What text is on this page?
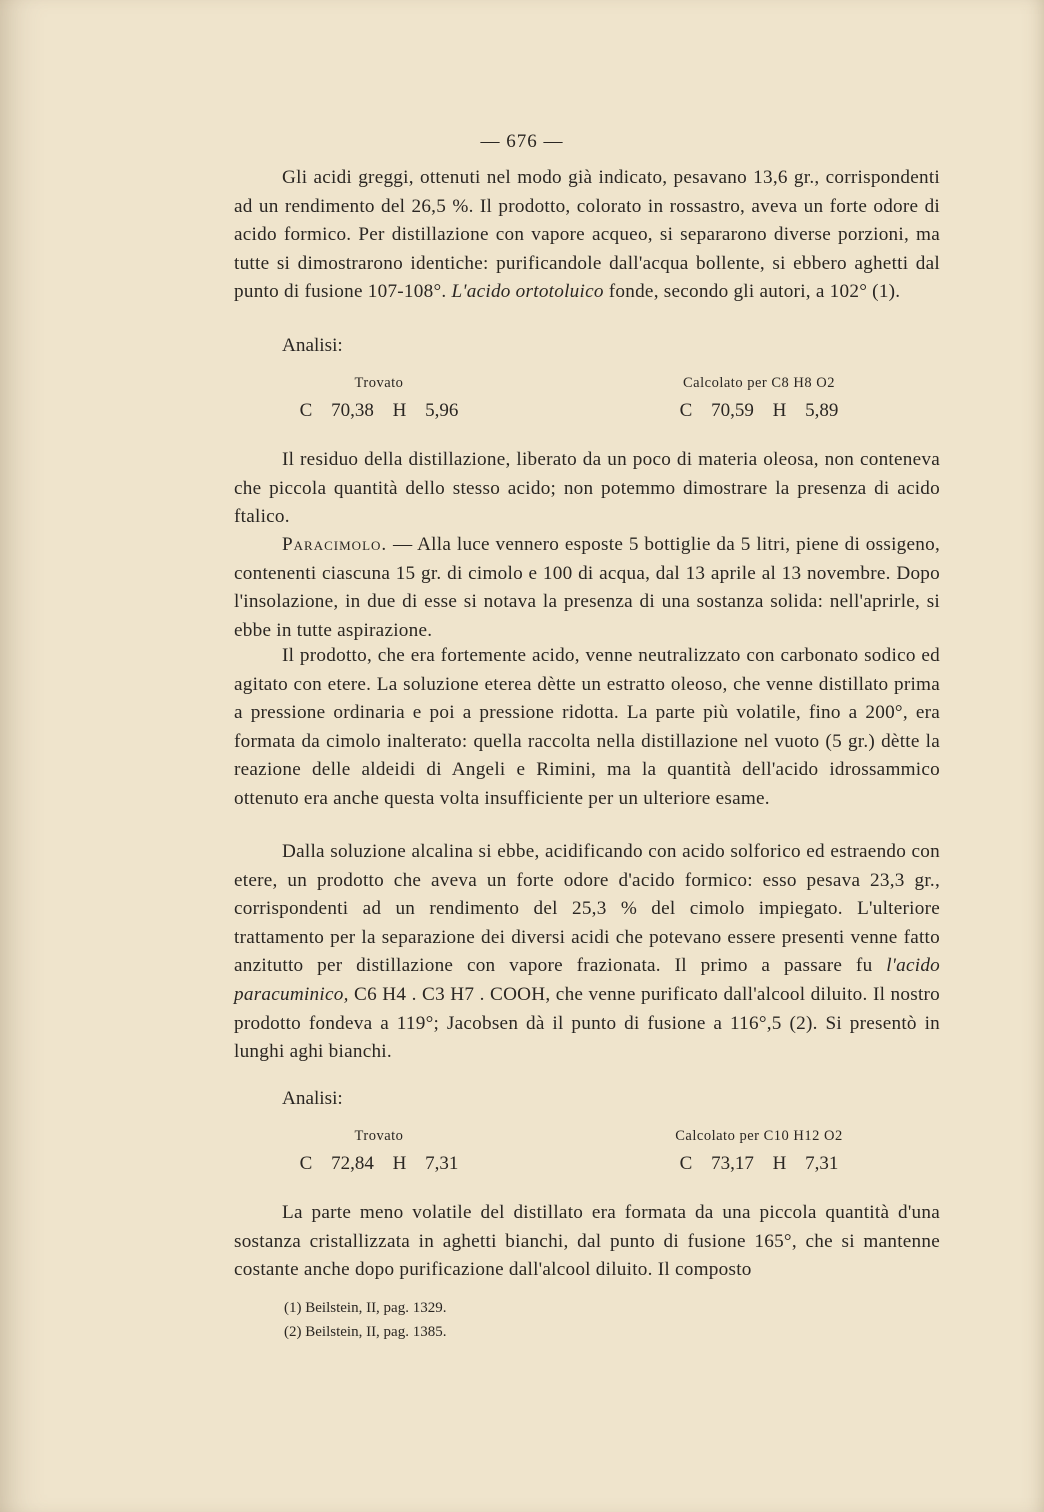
— 676 —

Gli acidi greggi, ottenuti nel modo già indicato, pesavano 13,6 gr., corrispondenti ad un rendimento del 26,5 %. Il prodotto, colorato in rossastro, aveva un forte odore di acido formico. Per distillazione con vapore acqueo, si separarono diverse porzioni, ma tutte si dimostrarono identiche: purificandole dall'acqua bollente, si ebbero aghetti dal punto di fusione 107-108°. L'acido ortotoluico fonde, secondo gli autori, a 102° (1).

Analisi:
Trovato
C 70,38 H 5,96
Calcolato per C8 H8 O2
C 70,59 H 5,89

Il residuo della distillazione, liberato da un poco di materia oleosa, non conteneva che piccola quantità dello stesso acido; non potemmo dimostrare la presenza di acido ftalico.

Paracimolo. — Alla luce vennero esposte 5 bottiglie da 5 litri, piene di ossigeno, contenenti ciascuna 15 gr. di cimolo e 100 di acqua, dal 13 aprile al 13 novembre. Dopo l'insolazione, in due di esse si notava la presenza di una sostanza solida: nell'aprirle, si ebbe in tutte aspirazione.

Il prodotto, che era fortemente acido, venne neutralizzato con carbonato sodico ed agitato con etere. La soluzione eterea dètte un estratto oleoso, che venne distillato prima a pressione ordinaria e poi a pressione ridotta. La parte più volatile, fino a 200°, era formata da cimolo inalterato: quella raccolta nella distillazione nel vuoto (5 gr.) dètte la reazione delle aldeidi di Angeli e Rimini, ma la quantità dell'acido idrossammico ottenuto era anche questa volta insufficiente per un ulteriore esame.

Dalla soluzione alcalina si ebbe, acidificando con acido solforico ed estraendo con etere, un prodotto che aveva un forte odore d'acido formico: esso pesava 23,3 gr., corrispondenti ad un rendimento del 25,3 % del cimolo impiegato. L'ulteriore trattamento per la separazione dei diversi acidi che potevano essere presenti venne fatto anzitutto per distillazione con vapore frazionata. Il primo a passare fu l'acido paracuminico, C6 H4 . C3 H7 . COOH, che venne purificato dall'alcool diluito. Il nostro prodotto fondeva a 119°; Jacobsen dà il punto di fusione a 116°,5 (2). Si presentò in lunghi aghi bianchi.

Analisi:
Trovato
C 72,84 H 7,31
Calcolato per C10 H12 O2
C 73,17 H 7,31

La parte meno volatile del distillato era formata da una piccola quantità d'una sostanza cristallizzata in aghetti bianchi, dal punto di fusione 165°, che si mantenne costante anche dopo purificazione dall'alcool diluito. Il composto

(1) Beilstein, II, pag. 1329.
(2) Beilstein, II, pag. 1385.
